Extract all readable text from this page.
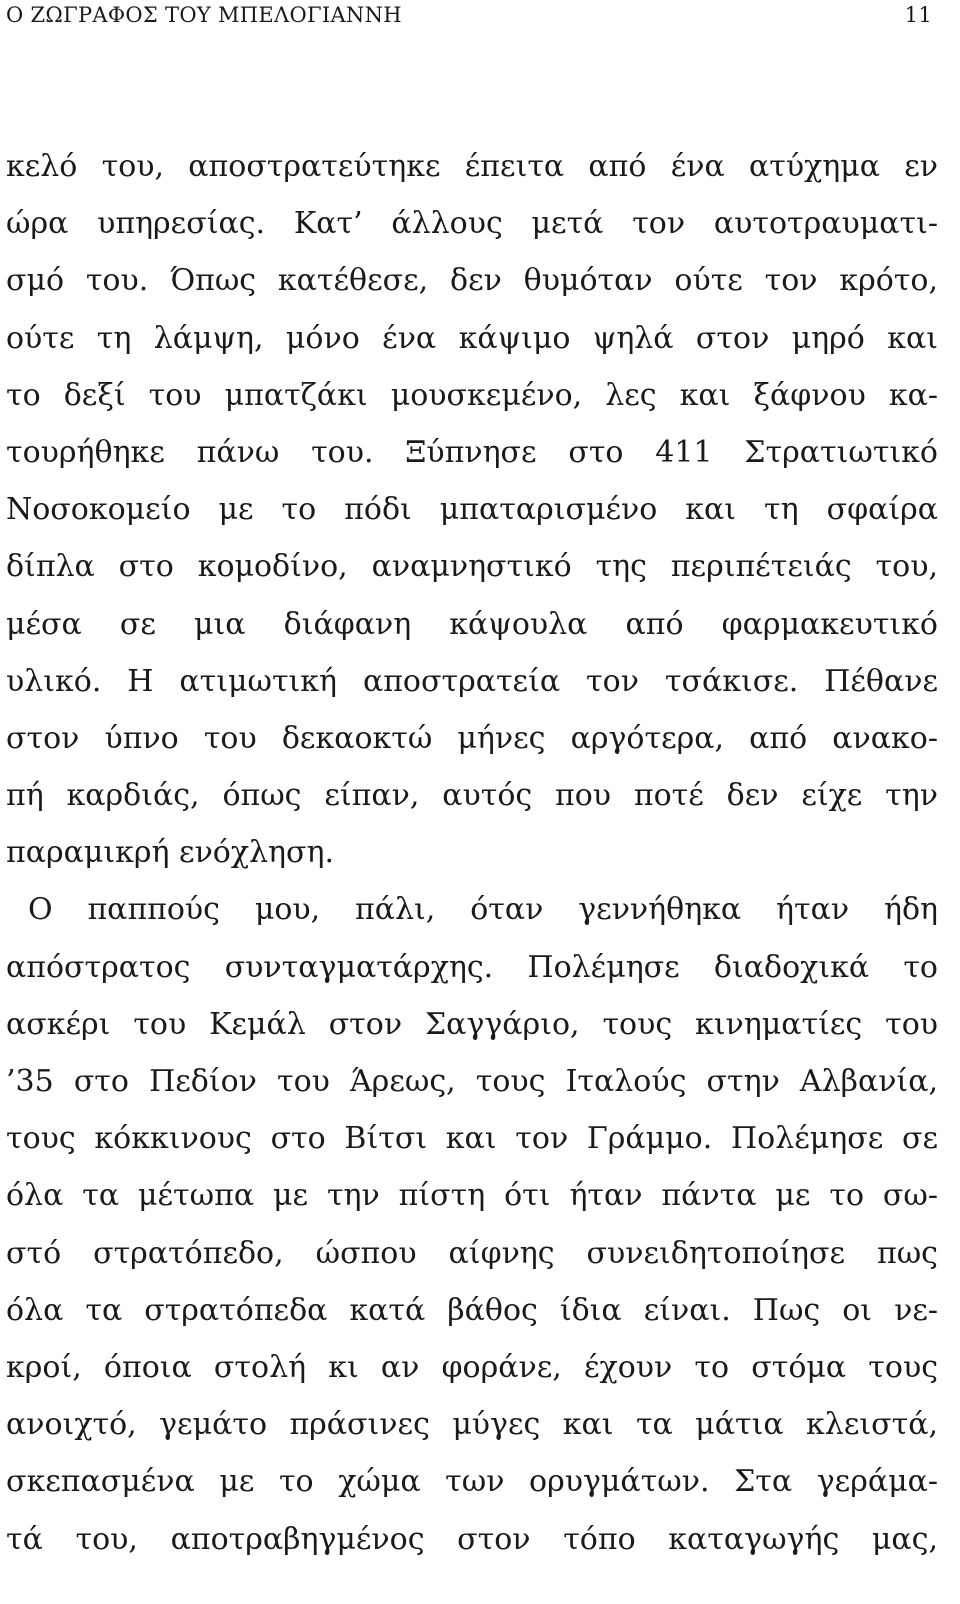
Ο ΖΩΓΡΑΦΟΣ ΤΟΥ ΜΠΕΛΟΓΙΑΝΝΗ	11
κελό του, αποστρατεύτηκε έπειτα από ένα ατύχημα εν
ώρα υπηρεσίας. Κατ’ άλλους μετά τον αυτοτραυματι-
σμό του. Όπως κατέθεσε, δεν θυμόταν ούτε τον κρότο,
ούτε τη λάμψη, μόνο ένα κάψιμο ψηλά στον μηρό και
το δεξί του μπατζάκι μουσκεμένο, λες και ξάφνου κα-
τουρήθηκε πάνω του. Ξύπνησε στο 411 Στρατιωτικό
Νοσοκομείο με το πόδι μπαταρισμένο και τη σφαίρα
δίπλα στο κομοδίνο, αναμνηστικό της περιπέτειάς του,
μέσα σε μια διάφανη κάψουλα από φαρμακευτικό
υλικό. Η ατιμωτική αποστρατεία τον τσάκισε. Πέθανε
στον ύπνο του δεκαοκτώ μήνες αργότερα, από ανακο-
πή καρδιάς, όπως είπαν, αυτός που ποτέ δεν είχε την
παραμικρή ενόχληση.
Ο παππούς μου, πάλι, όταν γεννήθηκα ήταν ήδη
απόστρατος συνταγματάρχης. Πολέμησε διαδοχικά το
ασκέρι του Κεμάλ στον Σαγγάριο, τους κινηματίες του
’35 στο Πεδίον του Άρεως, τους Ιταλούς στην Αλβανία,
τους κόκκινους στο Βίτσι και τον Γράμμο. Πολέμησε σε
όλα τα μέτωπα με την πίστη ότι ήταν πάντα με το σω-
στό στρατόπεδο, ώσπου αίφνης συνειδητοποίησε πως
όλα τα στρατόπεδα κατά βάθος ίδια είναι. Πως οι νε-
κροί, όποια στολή κι αν φοράνε, έχουν το στόμα τους
ανοιχτό, γεμάτο πράσινες μύγες και τα μάτια κλειστά,
σκεπασμένα με το χώμα των ορυγμάτων. Στα γεράμα-
τά του, αποτραβηγμένος στον τόπο καταγωγής μας,
